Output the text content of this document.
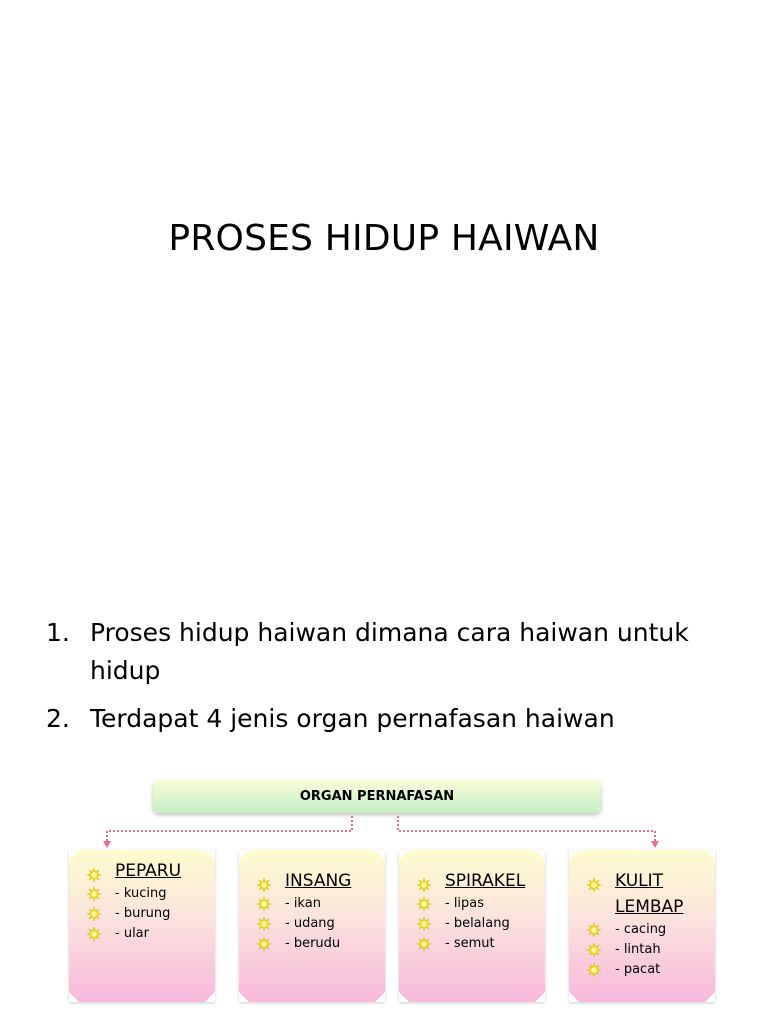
PROSES HIDUP HAIWAN
1. Proses hidup haiwan dimana cara haiwan untuk hidup
2. Terdapat 4 jenis organ pernafasan haiwan
ORGAN PERNAFASAN
PEPARU
- kucing
- burung
- ular
INSANG
- ikan
- udang
- berudu
SPIRAKEL
- lipas
- belalang
- semut
KULIT
LEMBAP
- cacing
- lintah
- pacat
